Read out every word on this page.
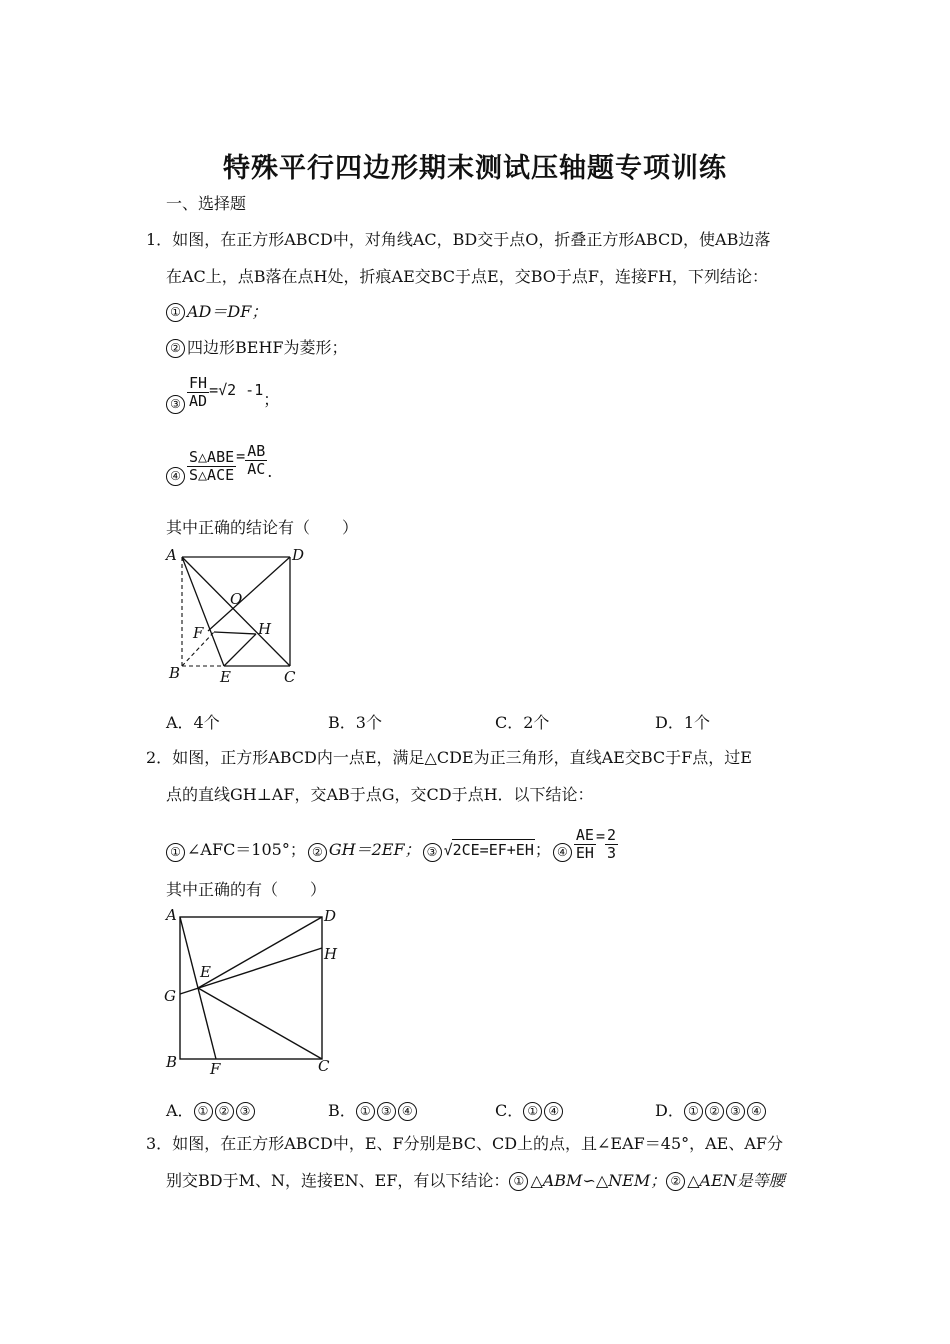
特殊平行四边形期末测试压轴题专项训练
一、选择题
1．如图，在正方形ABCD中，对角线AC，BD交于点O，折叠正方形ABCD，使AB边落
在AC上，点B落在点H处，折痕AE交BC于点E，交BO于点F，连接FH，下列结论：
① AD＝DF；
② 四边形BEHF为菱形；
③ $\frac{FH}{AD} =√2$ -1 ；
④ $\frac{\text{S△ABE}}{\text{S△ACE}} = \frac{AB}{AC}$ .
其中正确的结论有（　　）
A	D
O
F	H
B	E	C
A．4个	B．3个	C．2个	D．1个
2．如图，正方形ABCD内一点E，满足△CDE为正三角形，直线AE交BC于F点，过E
点的直线GH⊥AF，交AB于点G，交CD于点H．以下结论：
① ∠AFC＝105°； ② GH＝2EF； ③ √2CE=EF+EH ； ④ $\frac{AE}{EH} = \frac{2}{3}$
其中正确的有（　　）
A	D
H
E
G
B F	C
A． ① ② ③	B． ① ③ ④	C． ① ④	D． ① ② ③ ④
3．如图，在正方形ABCD中，E、F分别是BC、CD上的点，且∠EAF＝45°，AE、AF分
别交BD于M、N，连接EN、EF，有以下结论： ① △ABM∽△NEM； ② △AEN是等腰
